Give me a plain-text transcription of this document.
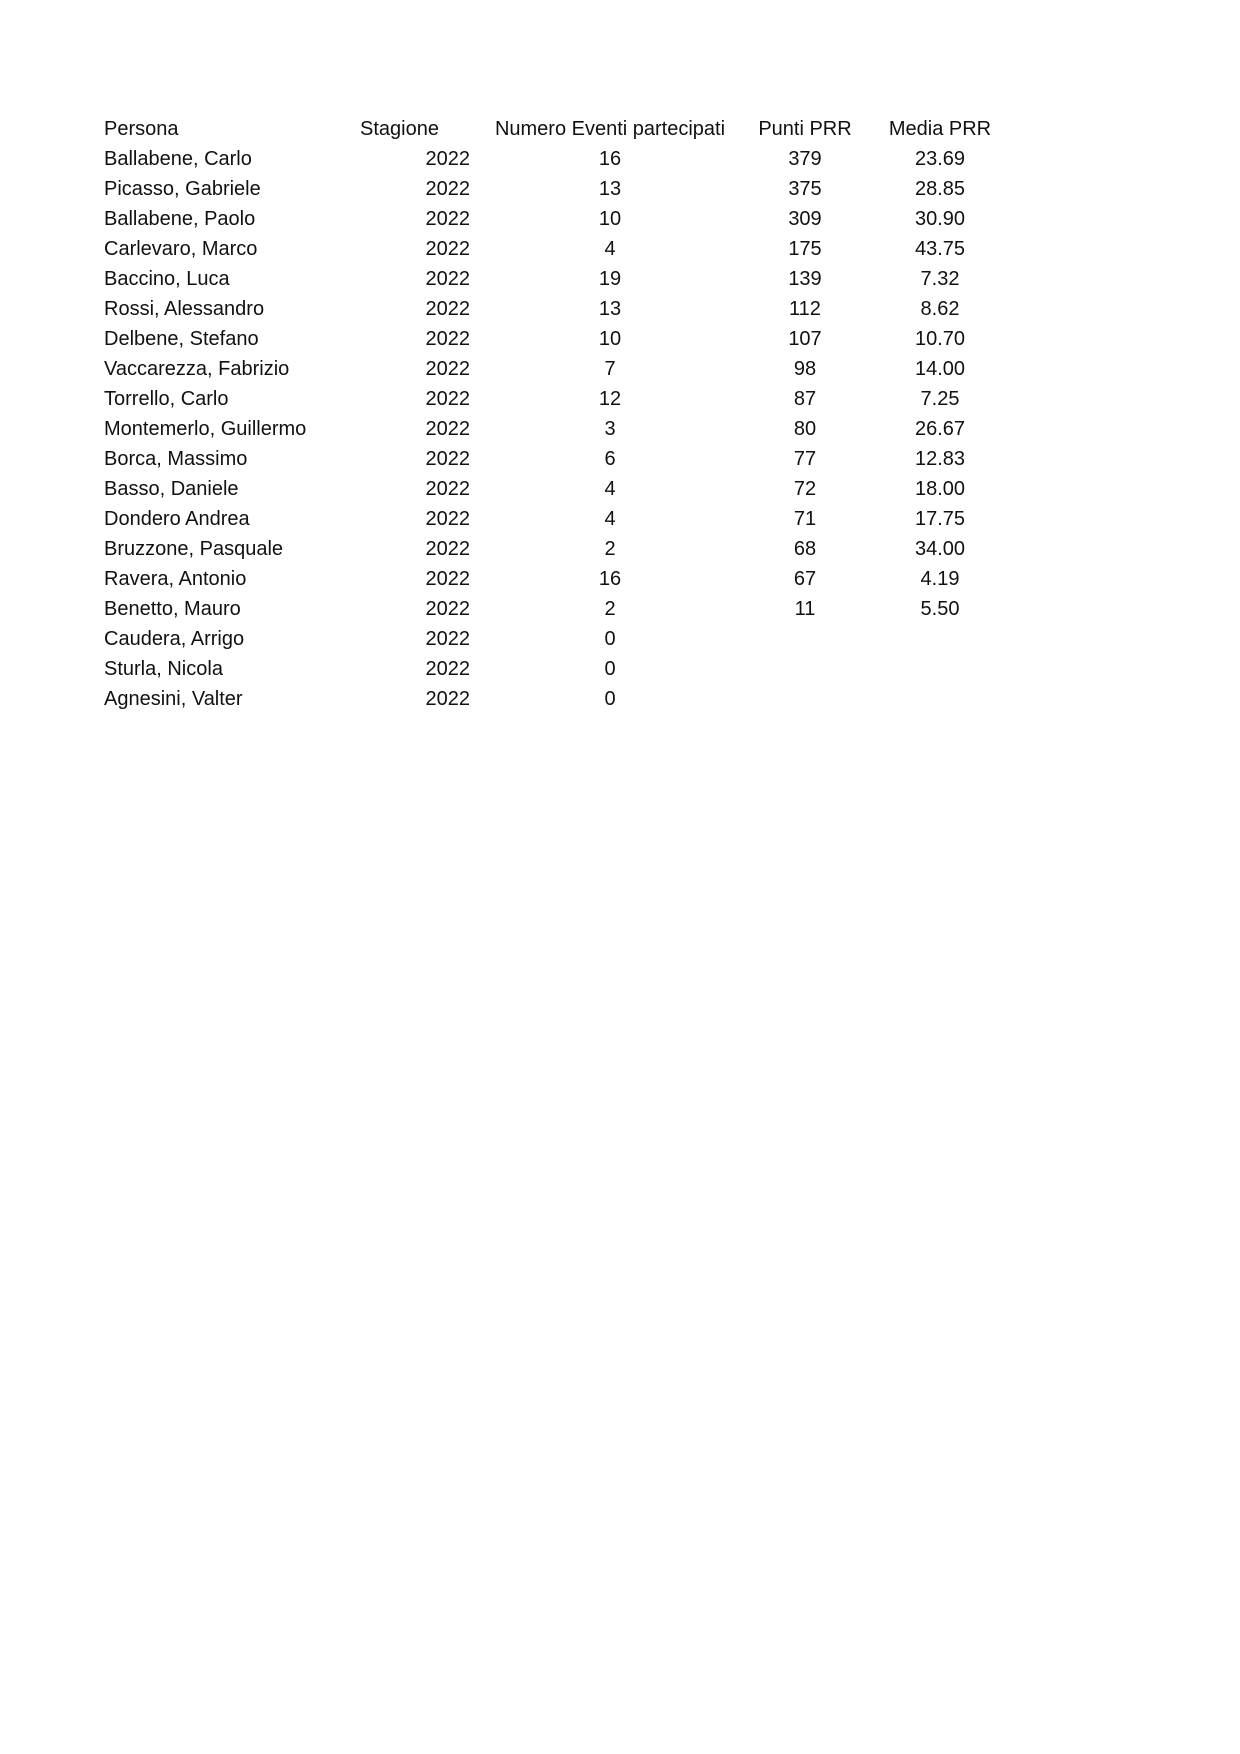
Persona	Stagione	Numero Eventi partecipati	Punti PRR	Media PRR
Ballabene, Carlo	2022	16	379	23.69
Picasso, Gabriele	2022	13	375	28.85
Ballabene, Paolo	2022	10	309	30.90
Carlevaro, Marco	2022	4	175	43.75
Baccino, Luca	2022	19	139	7.32
Rossi, Alessandro	2022	13	112	8.62
Delbene, Stefano	2022	10	107	10.70
Vaccarezza, Fabrizio	2022	7	98	14.00
Torrello, Carlo	2022	12	87	7.25
Montemerlo, Guillermo	2022	3	80	26.67
Borca, Massimo	2022	6	77	12.83
Basso, Daniele	2022	4	72	18.00
Dondero Andrea	2022	4	71	17.75
Bruzzone, Pasquale	2022	2	68	34.00
Ravera, Antonio	2022	16	67	4.19
Benetto, Mauro	2022	2	11	5.50
Caudera, Arrigo	2022	0		
Sturla, Nicola	2022	0		
Agnesini, Valter	2022	0		
